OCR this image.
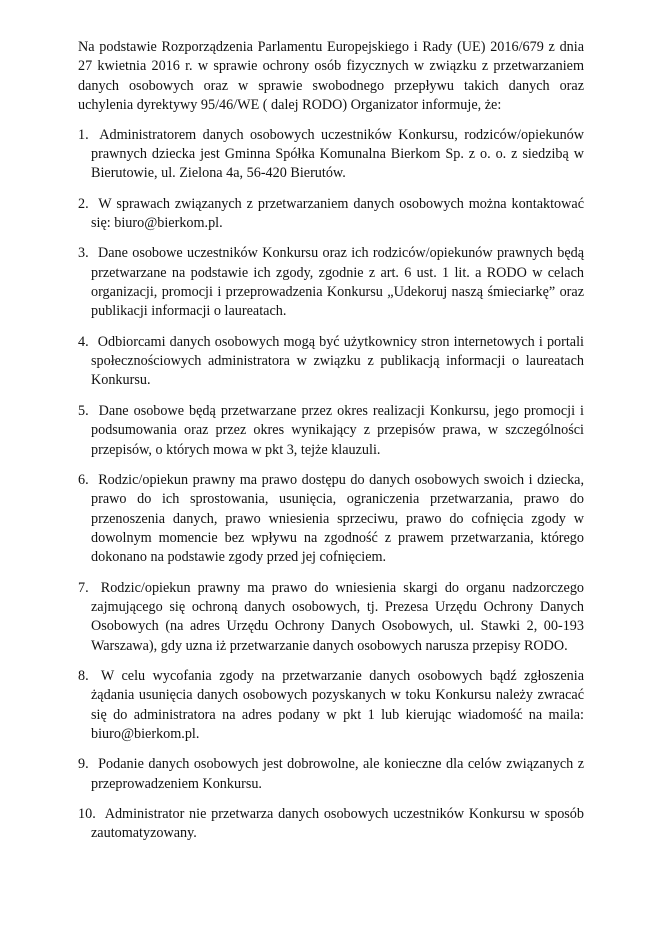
Na podstawie Rozporządzenia Parlamentu Europejskiego i Rady (UE) 2016/679 z dnia 27 kwietnia 2016 r. w sprawie ochrony osób fizycznych w związku z przetwarzaniem danych osobowych oraz w sprawie swobodnego przepływu takich danych oraz uchylenia dyrektywy 95/46/WE ( dalej RODO) Organizator informuje, że:

1. Administratorem danych osobowych uczestników Konkursu, rodziców/opiekunów prawnych dziecka jest Gminna Spółka Komunalna Bierkom Sp. z o. o. z siedzibą w Bierutowie, ul. Zielona 4a, 56-420 Bierutów.
2. W sprawach związanych z przetwarzaniem danych osobowych można kontaktować się: biuro@bierkom.pl.
3. Dane osobowe uczestników Konkursu oraz ich rodziców/opiekunów prawnych będą przetwarzane na podstawie ich zgody, zgodnie z art. 6 ust. 1 lit. a RODO w celach organizacji, promocji i przeprowadzenia Konkursu „Udekoruj naszą śmieciarkę” oraz publikacji informacji o laureatach.
4. Odbiorcami danych osobowych mogą być użytkownicy stron internetowych i portali społecznościowych administratora w związku z publikacją informacji o laureatach Konkursu.
5. Dane osobowe będą przetwarzane przez okres realizacji Konkursu, jego promocji i podsumowania oraz przez okres wynikający z przepisów prawa, w szczególności przepisów, o których mowa w pkt 3, tejże klauzuli.
6. Rodzic/opiekun prawny ma prawo dostępu do danych osobowych swoich i dziecka, prawo do ich sprostowania, usunięcia, ograniczenia przetwarzania, prawo do przenoszenia danych, prawo wniesienia sprzeciwu, prawo do cofnięcia zgody w dowolnym momencie bez wpływu na zgodność z prawem przetwarzania, którego dokonano na podstawie zgody przed jej cofnięciem.
7. Rodzic/opiekun prawny ma prawo do wniesienia skargi do organu nadzorczego zajmującego się ochroną danych osobowych, tj. Prezesa Urzędu Ochrony Danych Osobowych (na adres Urzędu Ochrony Danych Osobowych, ul. Stawki 2, 00-193 Warszawa), gdy uzna iż przetwarzanie danych osobowych narusza przepisy RODO.
8. W celu wycofania zgody na przetwarzanie danych osobowych bądź zgłoszenia żądania usunięcia danych osobowych pozyskanych w toku Konkursu należy zwracać się do administratora na adres podany w pkt 1 lub kierując wiadomość na maila: biuro@bierkom.pl.
9. Podanie danych osobowych jest dobrowolne, ale konieczne dla celów związanych z przeprowadzeniem Konkursu.
10. Administrator nie przetwarza danych osobowych uczestników Konkursu w sposób zautomatyzowany.
